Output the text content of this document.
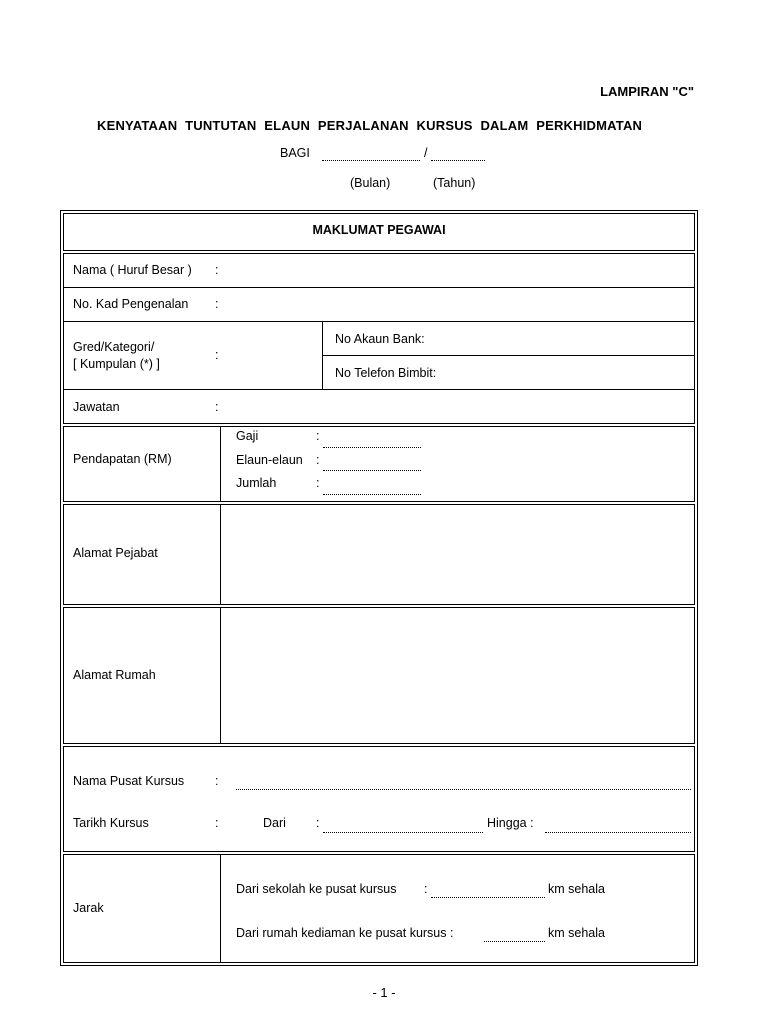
LAMPIRAN "C"
KENYATAAN TUNTUTAN ELAUN PERJALANAN KURSUS DALAM PERKHIDMATAN
BAGI	/
(Bulan)	(Tahun)
MAKLUMAT PEGAWAI
Nama ( Huruf Besar ) :
No. Kad Pengenalan :
Gred/Kategori/
[ Kumpulan (*) ]
:
No Akaun Bank:
No Telefon Bimbit:
Jawatan	:
Pendapatan (RM)
Gaji	:
Elaun-elaun :
Jumlah	:
Alamat Pejabat
Alamat Rumah
Nama Pusat Kursus :
Tarikh Kursus	:	Dari :	Hingga :
Jarak
Dari sekolah ke pusat kursus :	km sehala
Dari rumah kediaman ke pusat kursus :	km sehala
- 1 -
